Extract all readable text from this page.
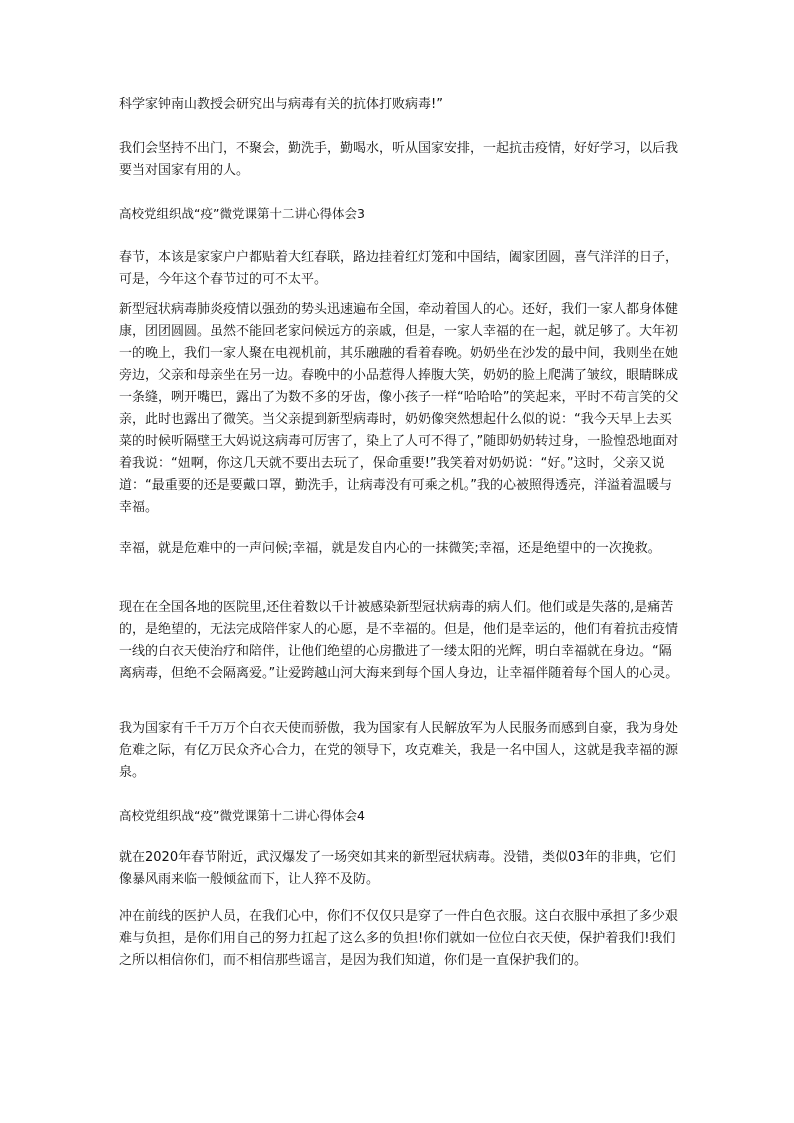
科学家钟南山教授会研究出与病毒有关的抗体打败病毒!”

我们会坚持不出门，不聚会，勤洗手，勤喝水，听从国家安排，一起抗击疫情，好好学习，以后我要当对国家有用的人。

高校党组织战“疫”微党课第十二讲心得体会3

春节，本该是家家户户都贴着大红春联，路边挂着红灯笼和中国结，阖家团圆，喜气洋洋的日子，可是，今年这个春节过的可不太平。

新型冠状病毒肺炎疫情以强劲的势头迅速遍布全国，牵动着国人的心。还好，我们一家人都身体健康，团团圆圆。虽然不能回老家问候远方的亲戚，但是，一家人幸福的在一起，就足够了。大年初一的晚上，我们一家人聚在电视机前，其乐融融的看着春晚。奶奶坐在沙发的最中间，我则坐在她旁边，父亲和母亲坐在另一边。春晚中的小品惹得人捧腹大笑，奶奶的脸上爬满了皱纹，眼睛眯成一条缝，咧开嘴巴，露出了为数不多的牙齿，像小孩子一样“哈哈哈”的笑起来，平时不苟言笑的父亲，此时也露出了微笑。当父亲提到新型病毒时，奶奶像突然想起什么似的说：“我今天早上去买菜的时候听隔壁王大妈说这病毒可厉害了，染上了人可不得了，”随即奶奶转过身，一脸惶恐地面对着我说：“妞啊，你这几天就不要出去玩了，保命重要!”我笑着对奶奶说：“好。”这时，父亲又说道：“最重要的还是要戴口罩，勤洗手，让病毒没有可乘之机。”我的心被照得透亮，洋溢着温暖与幸福。

幸福，就是危难中的一声问候;幸福，就是发自内心的一抹微笑;幸福，还是绝望中的一次挽救。

现在在全国各地的医院里,还住着数以千计被感染新型冠状病毒的病人们。他们或是失落的,是痛苦的，是绝望的，无法完成陪伴家人的心愿，是不幸福的。但是，他们是幸运的，他们有着抗击疫情一线的白衣天使治疗和陪伴，让他们绝望的心房撒进了一缕太阳的光辉，明白幸福就在身边。“隔离病毒，但绝不会隔离爱。”让爱跨越山河大海来到每个国人身边，让幸福伴随着每个国人的心灵。

我为国家有千千万万个白衣天使而骄傲，我为国家有人民解放军为人民服务而感到自豪，我为身处危难之际，有亿万民众齐心合力，在党的领导下，攻克难关，我是一名中国人，这就是我幸福的源泉。

高校党组织战“疫”微党课第十二讲心得体会4

就在2020年春节附近，武汉爆发了一场突如其来的新型冠状病毒。没错，类似03年的非典，它们像暴风雨来临一般倾盆而下，让人猝不及防。

冲在前线的医护人员，在我们心中，你们不仅仅只是穿了一件白色衣服。这白衣服中承担了多少艰难与负担，是你们用自己的努力扛起了这么多的负担!你们就如一位位白衣天使，保护着我们!我们之所以相信你们，而不相信那些谣言，是因为我们知道，你们是一直保护我们的。
